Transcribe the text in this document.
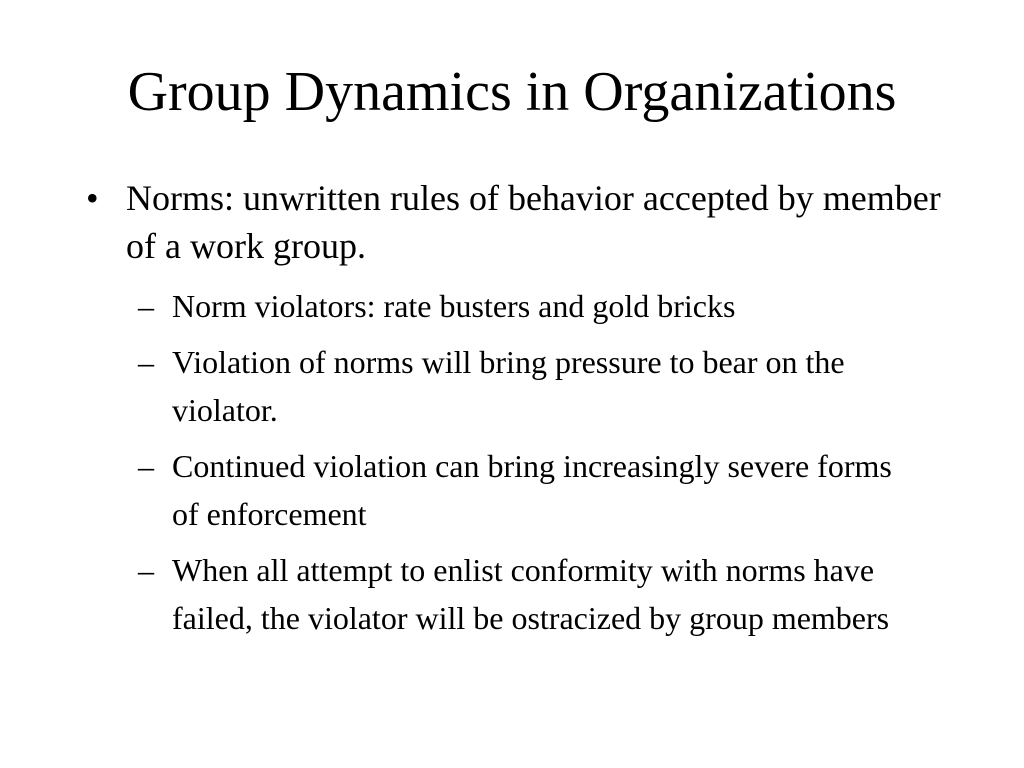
Group Dynamics in Organizations
• Norms: unwritten rules of behavior accepted by member of a work group.
– Norm violators: rate busters and gold bricks
– Violation of norms will bring pressure to bear on the violator.
– Continued violation can bring increasingly severe forms of enforcement
– When all attempt to enlist conformity with norms have failed, the violator will be ostracized by group members
